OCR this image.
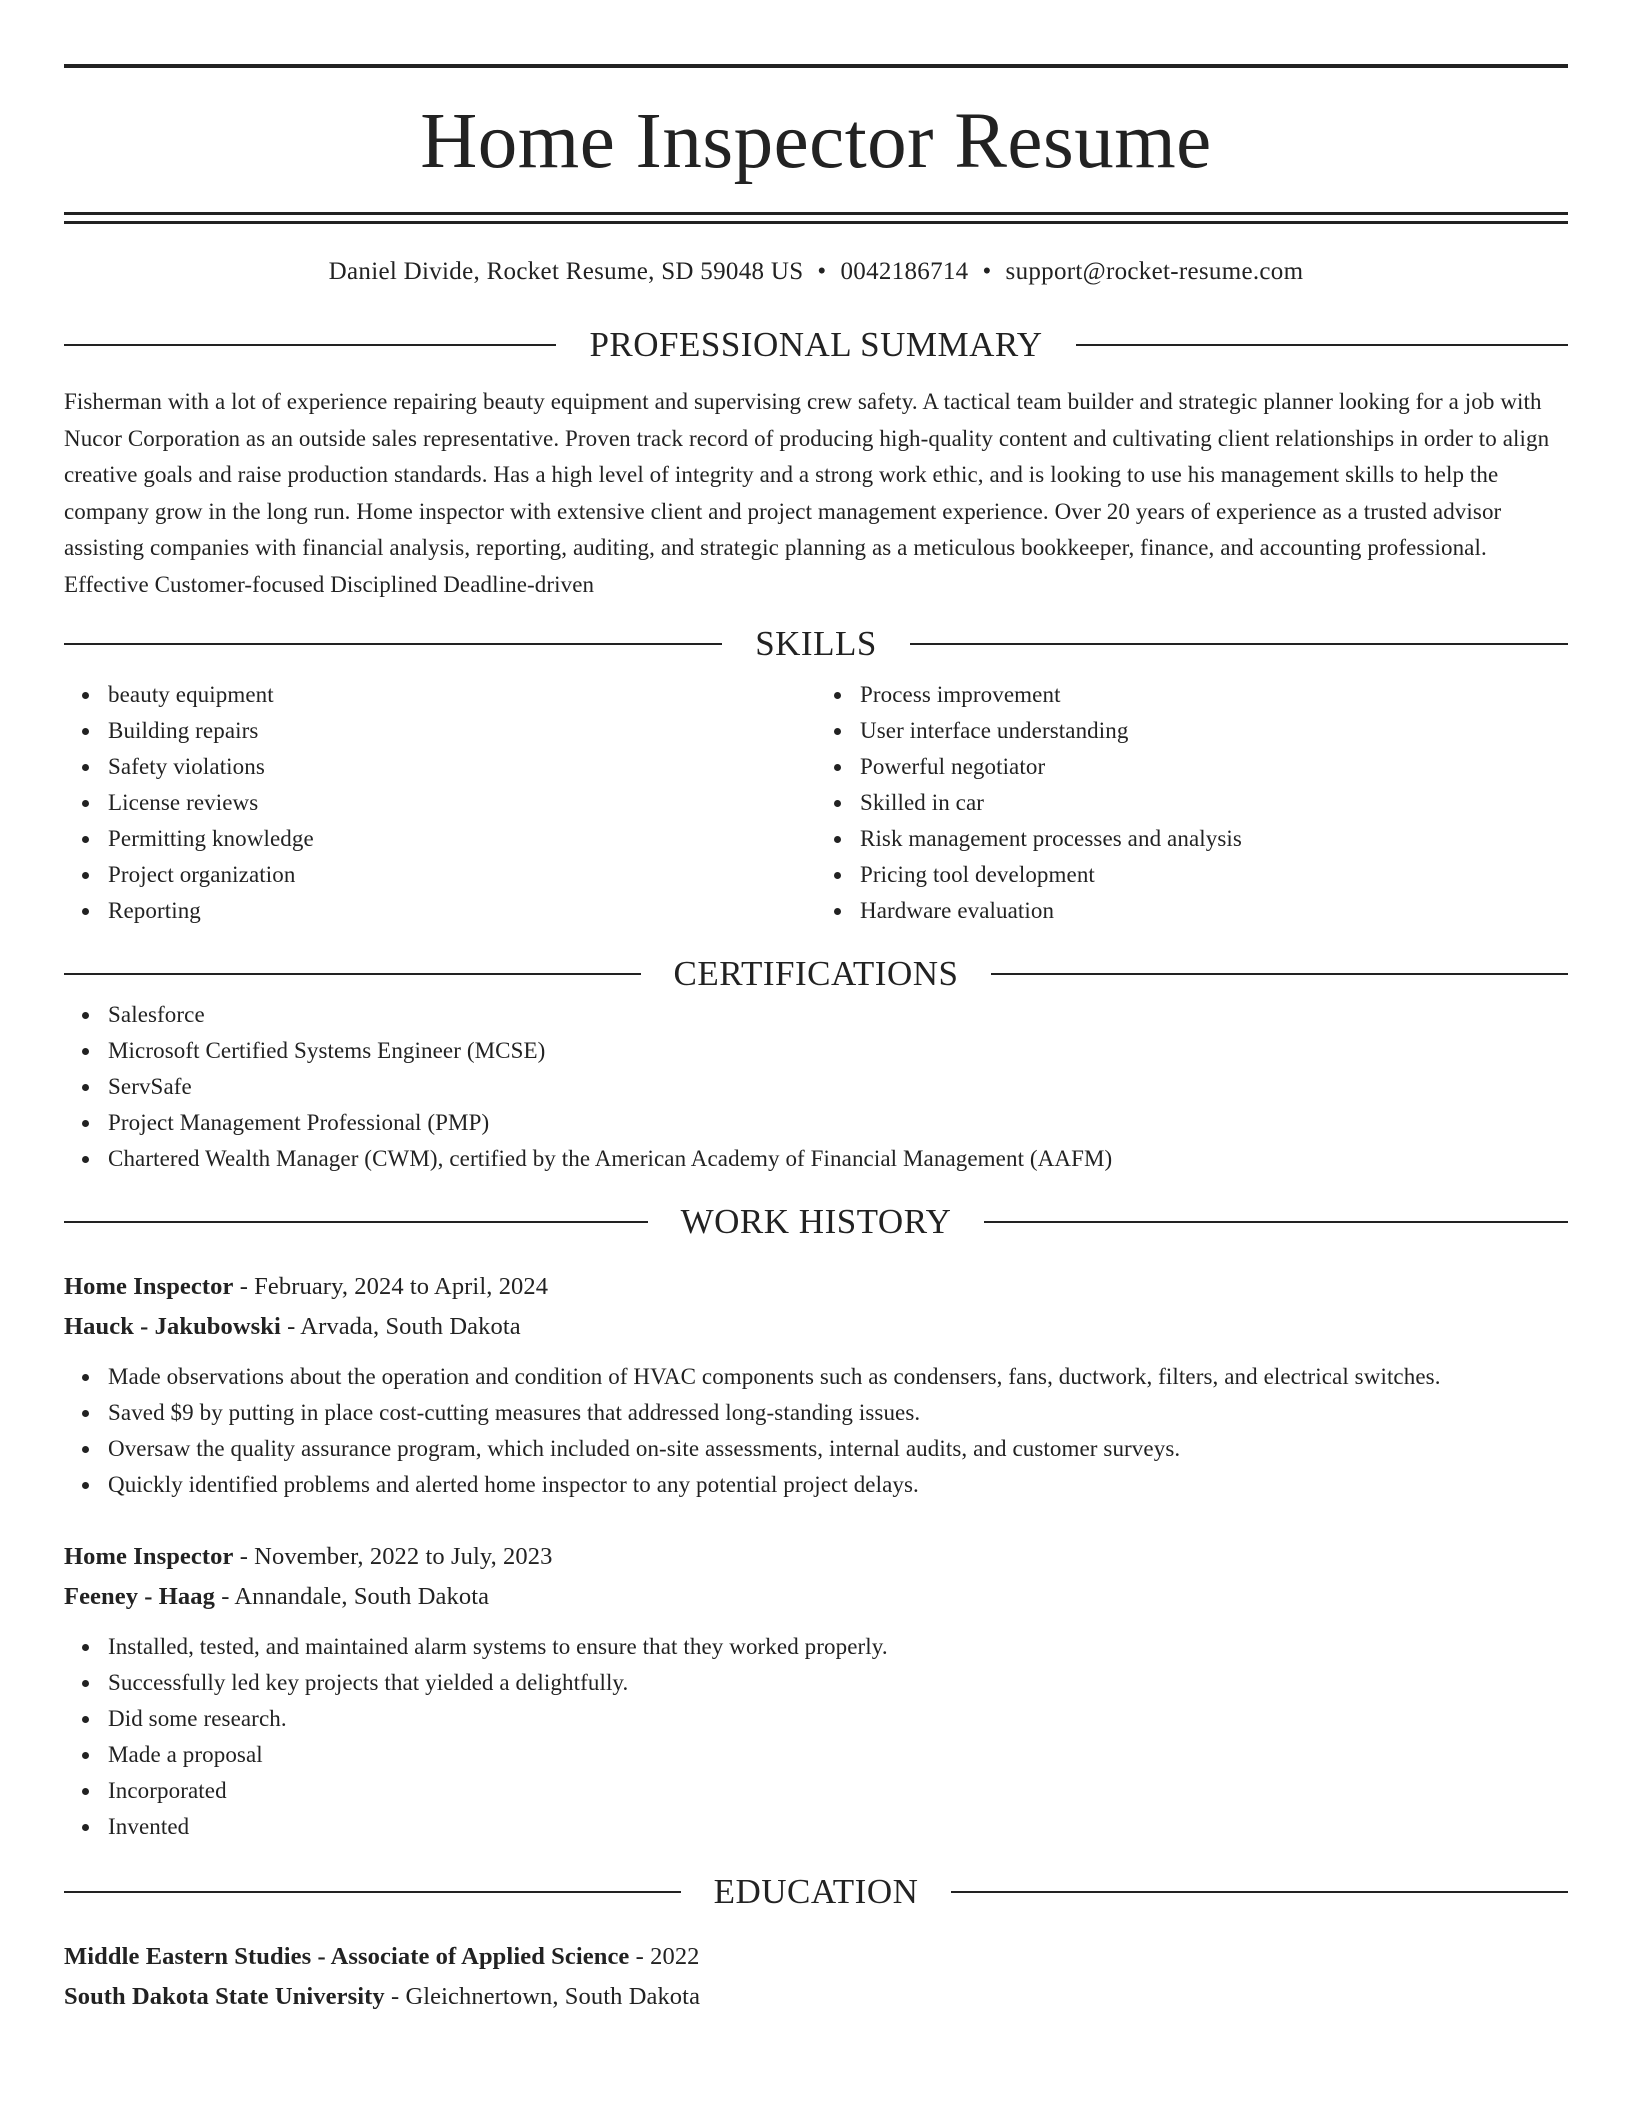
Home Inspector Resume
Daniel Divide, Rocket Resume, SD 59048 US • 0042186714 • support@rocket-resume.com
PROFESSIONAL SUMMARY

Fisherman with a lot of experience repairing beauty equipment and supervising crew safety. A tactical team builder and strategic planner looking for a job with Nucor Corporation as an outside sales representative. Proven track record of producing high-quality content and cultivating client relationships in order to align creative goals and raise production standards. Has a high level of integrity and a strong work ethic, and is looking to use his management skills to help the company grow in the long run. Home inspector with extensive client and project management experience. Over 20 years of experience as a trusted advisor assisting companies with financial analysis, reporting, auditing, and strategic planning as a meticulous bookkeeper, finance, and accounting professional. Effective Customer-focused Disciplined Deadline-driven

SKILLS
beauty equipment
Building repairs
Safety violations
License reviews
Permitting knowledge
Project organization
Reporting
Process improvement
User interface understanding
Powerful negotiator
Skilled in car
Risk management processes and analysis
Pricing tool development
Hardware evaluation
CERTIFICATIONS
Salesforce
Microsoft Certified Systems Engineer (MCSE)
ServSafe
Project Management Professional (PMP)
Chartered Wealth Manager (CWM), certified by the American Academy of Financial Management (AAFM)
WORK HISTORY
Home Inspector - February, 2024 to April, 2024
Hauck - Jakubowski - Arvada, South Dakota
Made observations about the operation and condition of HVAC components such as condensers, fans, ductwork, filters, and electrical switches.
Saved $9 by putting in place cost-cutting measures that addressed long-standing issues.
Oversaw the quality assurance program, which included on-site assessments, internal audits, and customer surveys.
Quickly identified problems and alerted home inspector to any potential project delays.
Home Inspector - November, 2022 to July, 2023
Feeney - Haag - Annandale, South Dakota
Installed, tested, and maintained alarm systems to ensure that they worked properly.
Successfully led key projects that yielded a delightfully.
Did some research.
Made a proposal
Incorporated
Invented
EDUCATION
Middle Eastern Studies - Associate of Applied Science - 2022
South Dakota State University - Gleichnertown, South Dakota
